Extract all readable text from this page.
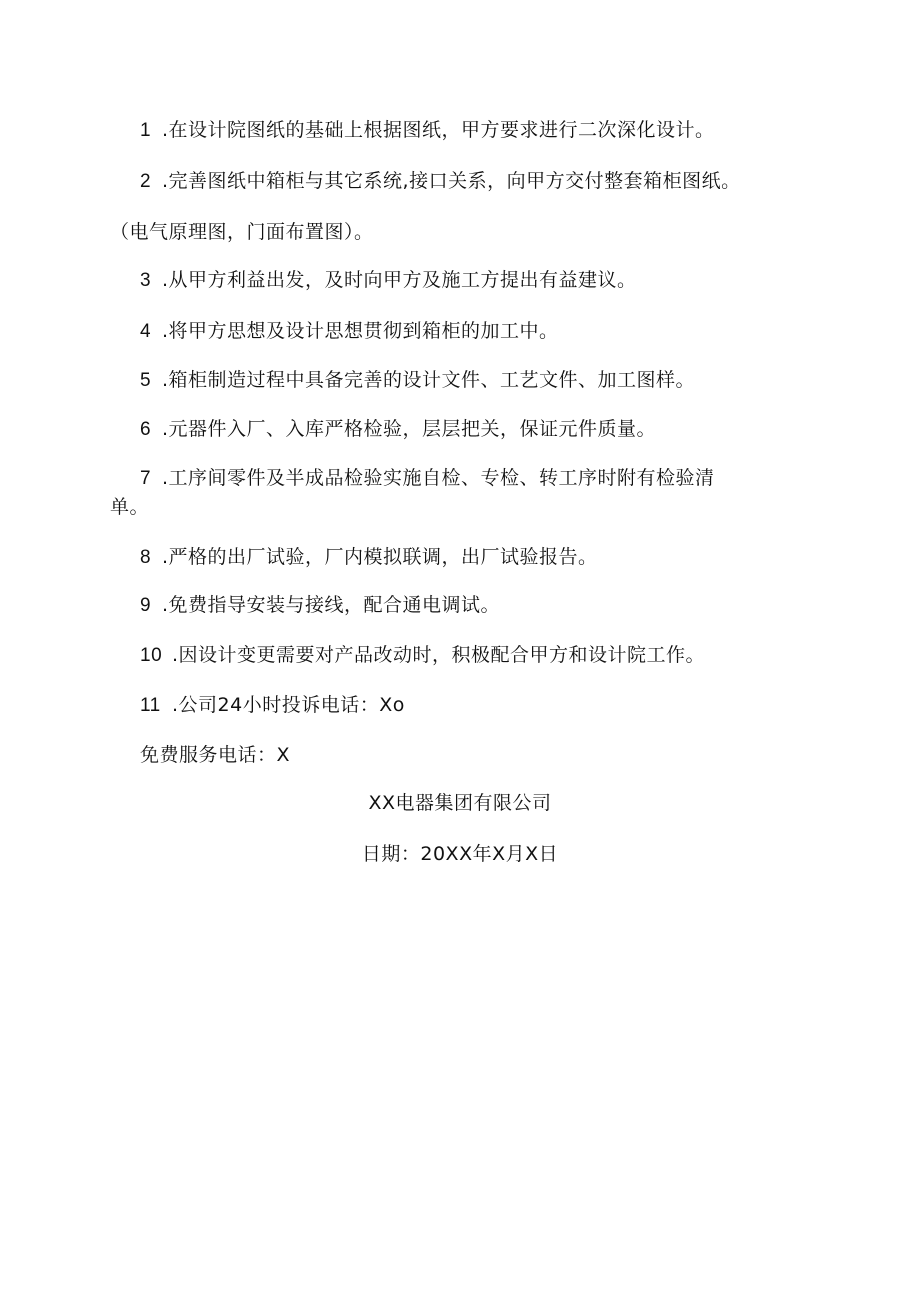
1 .在设计院图纸的基础上根据图纸，甲方要求进行二次深化设计。
2 .完善图纸中箱柜与其它系统,接口关系，向甲方交付整套箱柜图纸。
（电气原理图，门面布置图）。
3 .从甲方利益出发，及时向甲方及施工方提出有益建议。
4 .将甲方思想及设计思想贯彻到箱柜的加工中。
5 .箱柜制造过程中具备完善的设计文件、工艺文件、加工图样。
6 .元器件入厂、入库严格检验，层层把关，保证元件质量。
7 .工序间零件及半成品检验实施自检、专检、转工序时附有检验清
单。
8 .严格的出厂试验，厂内模拟联调，出厂试验报告。
9 .免费指导安装与接线，配合通电调试。
10 .因设计变更需要对产品改动时，积极配合甲方和设计院工作。
11 .公司24小时投诉电话：Xo
免费服务电话：X
XX电器集团有限公司
日期：20XX年X月X日
